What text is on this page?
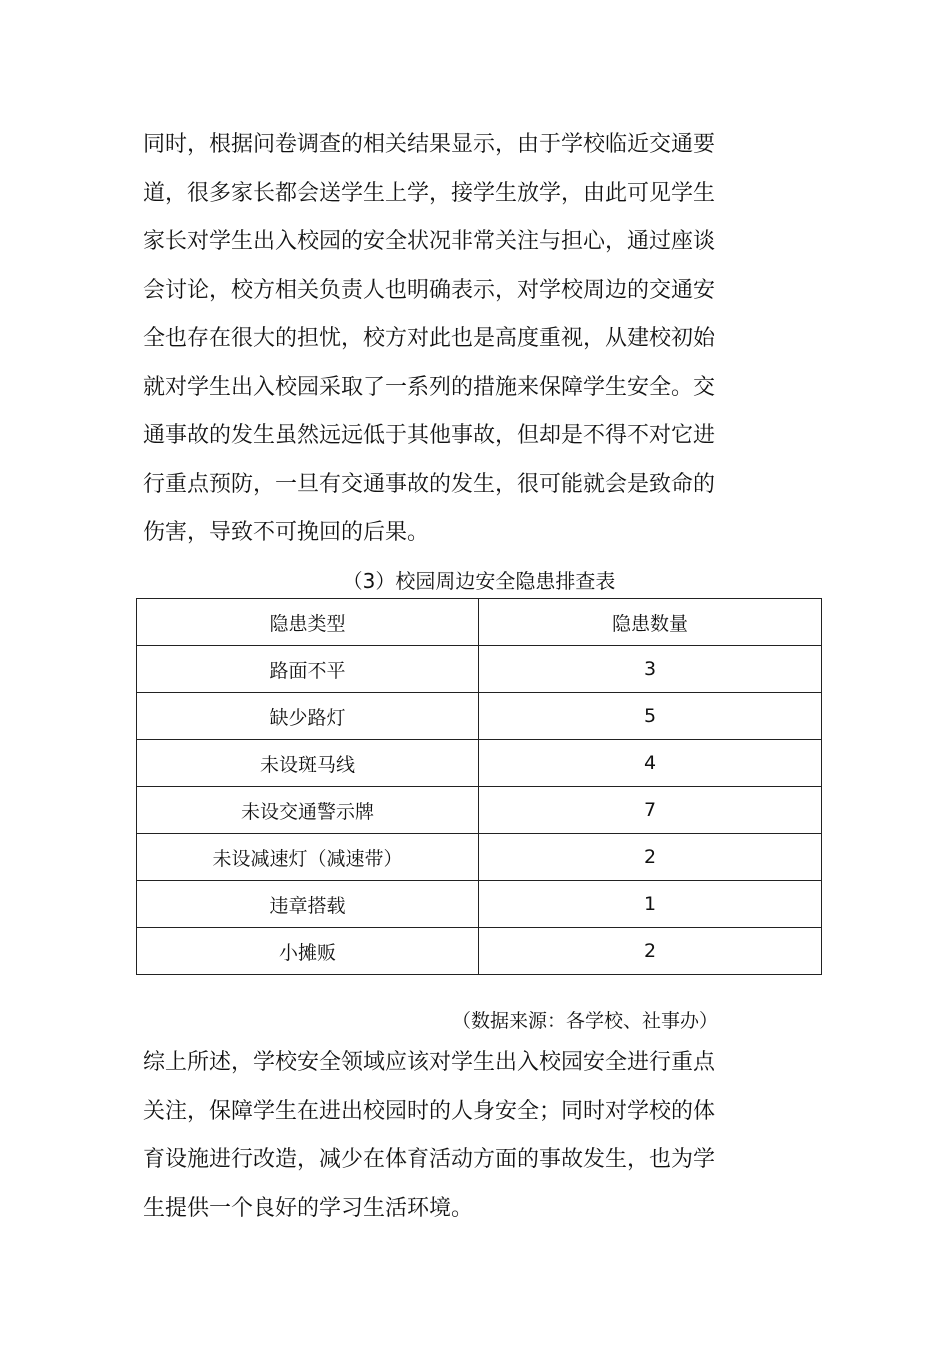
同时，根据问卷调查的相关结果显示，由于学校临近交通要
道，很多家长都会送学生上学，接学生放学，由此可见学生
家长对学生出入校园的安全状况非常关注与担心，通过座谈
会讨论，校方相关负责人也明确表示，对学校周边的交通安
全也存在很大的担忧，校方对此也是高度重视，从建校初始
就对学生出入校园采取了一系列的措施来保障学生安全。交
通事故的发生虽然远远低于其他事故，但却是不得不对它进
行重点预防，一旦有交通事故的发生，很可能就会是致命的
伤害，导致不可挽回的后果。

（3）校园周边安全隐患排查表

隐患类型	隐患数量
路面不平	3
缺少路灯	5
未设斑马线	4
未设交通警示牌	7
未设减速灯（减速带）	2
违章搭载	1
小摊贩	2

（数据来源：各学校、社事办）

综上所述，学校安全领域应该对学生出入校园安全进行重点
关注，保障学生在进出校园时的人身安全；同时对学校的体
育设施进行改造，减少在体育活动方面的事故发生，也为学
生提供一个良好的学习生活环境。
